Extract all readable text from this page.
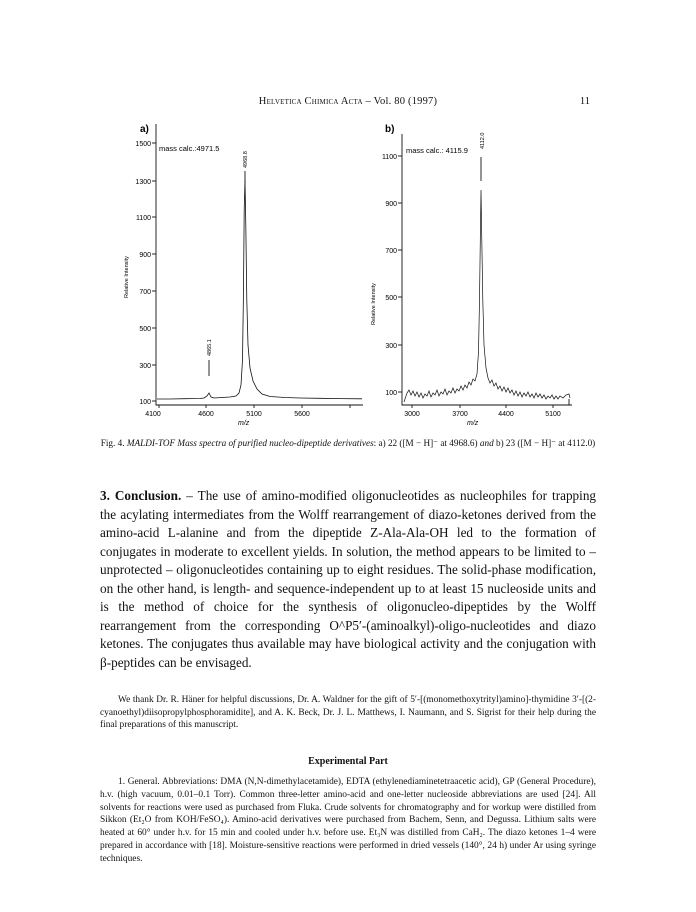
Helvetica Chimica Acta – Vol. 80 (1997)	11
a)
mass calc.:4971.5
4968.8
4865.1
Relative Intensity
m/z
1500
1300
1100
900
700
500
300
100
4100	4600	5100	5600
b)
mass calc.: 4115.9
4112.0
Relative Intensity
m/z
1100
900
700
500
300
100
3000	3700	4400	5100
Fig. 4. MALDI-TOF Mass spectra of purified nucleo-dipeptide derivatives: a) 22 ([M − H]⁻ at 4968.6) and b) 23 ([M − H]⁻ at 4112.0)
3. Conclusion. – The use of amino-modified oligonucleotides as nucleophiles for trapping the acylating intermediates from the Wolff rearrangement of diazo-ketones derived from the amino-acid L-alanine and from the dipeptide Z-Ala-Ala-OH led to the formation of conjugates in moderate to excellent yields. In solution, the method appears to be limited to – unprotected – oligonucleotides containing up to eight residues. The solid-phase modification, on the other hand, is length- and sequence-independent up to at least 15 nucleoside units and is the method of choice for the synthesis of oligonucleo-dipeptides by the Wolff rearrangement from the corresponding O^P5′-(aminoalkyl)-oligo-nucleotides and diazo ketones. The conjugates thus available may have biological activity and the conjugation with β-peptides can be envisaged.
We thank Dr. R. Häner for helpful discussions, Dr. A. Waldner for the gift of 5′-[(monomethoxytrityl)amino]-thymidine 3′-[(2-cyanoethyl)diisopropylphosphoramidite], and A. K. Beck, Dr. J. L. Matthews, I. Naumann, and S. Sigrist for their help during the final preparations of this manuscript.
Experimental Part
1. General. Abbreviations: DMA (N,N-dimethylacetamide), EDTA (ethylenediaminetetraacetic acid), GP (General Procedure), h.v. (high vacuum, 0.01–0.1 Torr). Common three-letter amino-acid and one-letter nucleoside abbreviations are used [24]. All solvents for reactions were used as purchased from Fluka. Crude solvents for chromatography and for workup were distilled from Sikkon (Et₂O from KOH/FeSO₄). Amino-acid derivatives were purchased from Bachem, Senn, and Degussa. Lithium salts were heated at 60° under h.v. for 15 min and cooled under h.v. before use. Et₃N was distilled from CaH₂. The diazo ketones 1–4 were prepared in accordance with [18]. Moisture-sensitive reactions were performed in dried vessels (140°, 24 h) under Ar using syringe techniques.
